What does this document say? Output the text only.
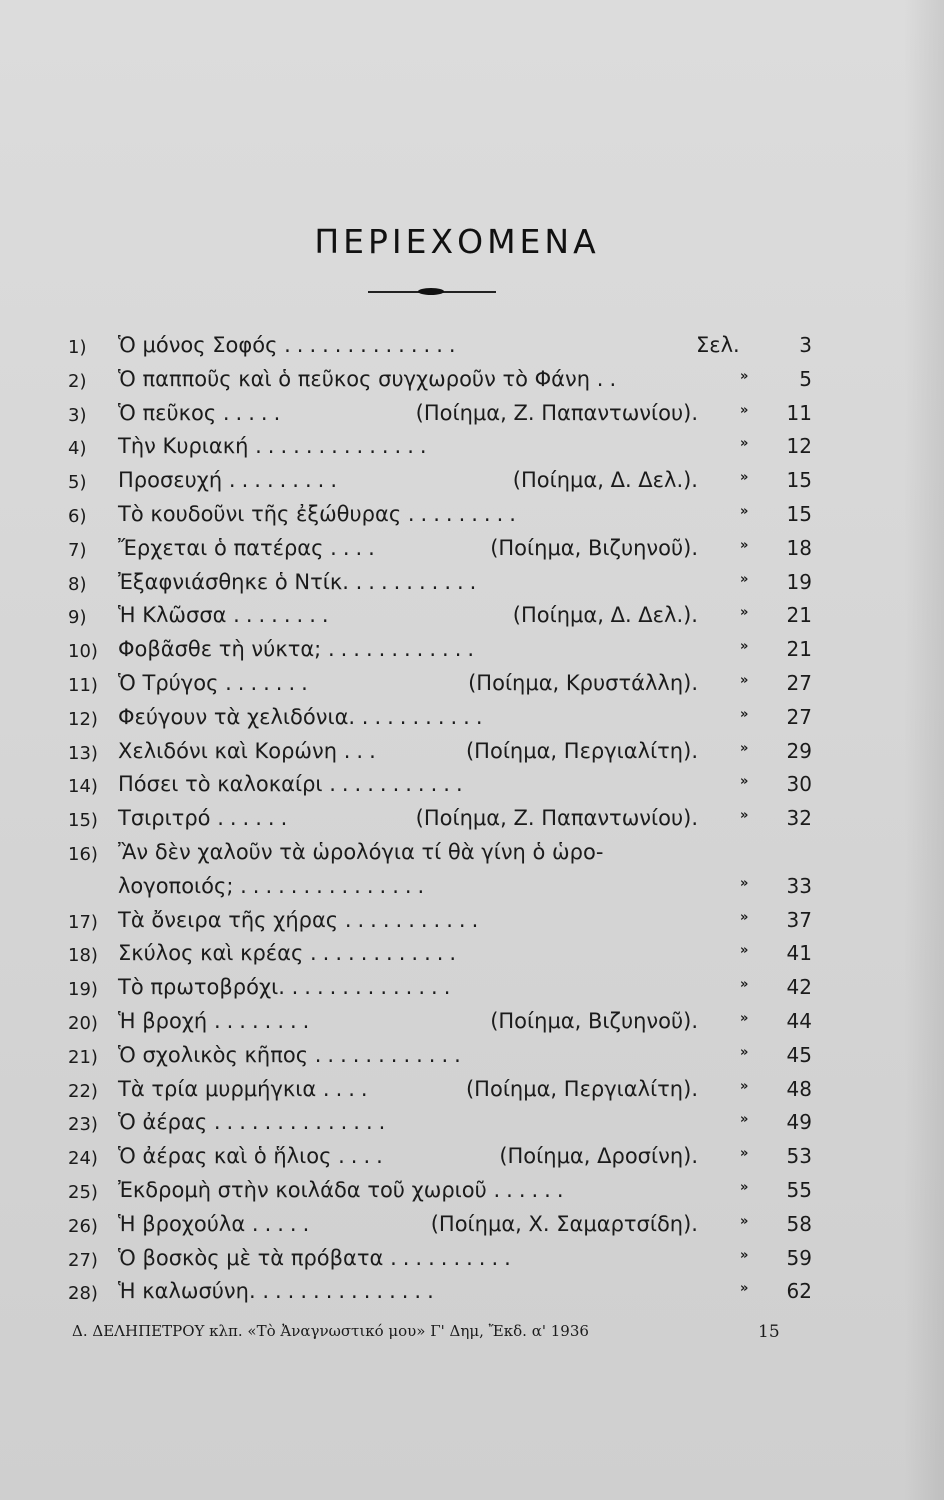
ΠΕΡΙΕΧΟΜΕΝΑ
1)	Ὁ μόνος Σοφός ..............	Σελ.	3
2)	Ὁ παπποῦς καὶ ὁ πεῦκος συγχωροῦν τὸ Φάνη ..	»	5
3)	Ὁ πεῦκος .....	(Ποίημα, Ζ. Παπαντωνίου).	»	11
4)	Τὴν Κυριακή ..............	»	12
5)	Προσευχή .........	(Ποίημα, Δ. Δελ.).	»	15
6)	Τὸ κουδοῦνι τῆς ἐξώθυρας .........	»	15
7)	Ἔρχεται ὁ πατέρας ....	(Ποίημα, Βιζυηνοῦ).	»	18
8)	Ἐξαφνιάσθηκε ὁ Ντίκ. ..........	»	19
9)	Ἡ Κλῶσσα ........	(Ποίημα, Δ. Δελ.).	»	21
10) Φοβᾶσθε τὴ νύκτα; ............	»	21
11) Ὁ Τρύγος .......	(Ποίημα, Κρυστάλλη).	»	27
12) Φεύγουν τὰ χελιδόνια. ..........	»	27
13) Χελιδόνι καὶ Κορώνη ...	(Ποίημα, Περγιαλίτη).	»	29
14) Πόσει τὸ καλοκαίρι ...........	»	30
15) Τσιριτρό ......	(Ποίημα, Ζ. Παπαντωνίου).	»	32
16) Ἂν δὲν χαλοῦν τὰ ὡρολόγια τί θὰ γίνη ὁ ὡρο-
λογοποιός; ...............	»	33
17) Τὰ ὄνειρα τῆς χήρας ...........	»	37
18) Σκύλος καὶ κρέας ............	»	41
19) Τὸ πρωτοβρόχι. .............	»	42
20) Ἡ βροχή ........	(Ποίημα, Βιζυηνοῦ).	»	44
21) Ὁ σχολικὸς κῆπος ............	»	45
22) Τὰ τρία μυρμήγκια ....	(Ποίημα, Περγιαλίτη).	»	48
23) Ὁ ἀέρας ..............	»	49
24) Ὁ ἀέρας καὶ ὁ ἥλιος ....	(Ποίημα, Δροσίνη).	»	53
25) Ἐκδρομὴ στὴν κοιλάδα τοῦ χωριοῦ ......	»	55
26) Ἡ βροχούλα .....	(Ποίημα, Χ. Σαμαρτσίδη).	»	58
27) Ὁ βοσκὸς μὲ τὰ πρόβατα ..........	»	59
28) Ἡ καλωσύνη. ..............	»	62
Δ. ΔΕΛΗΠΕΤΡΟΥ κλπ. «Τὸ Ἀναγνωστικό μου» Γ' Δημ, Ἔκδ. α' 1936	15
